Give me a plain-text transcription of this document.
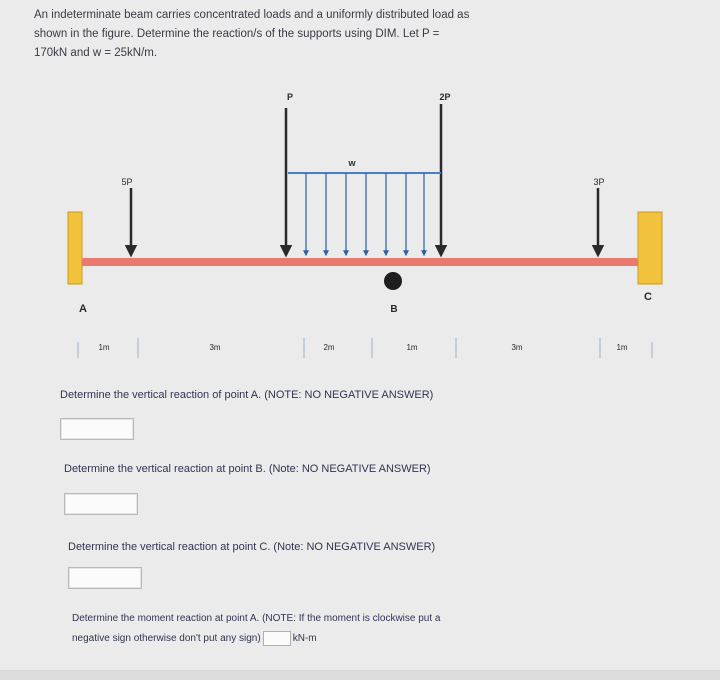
An indeterminate beam carries concentrated loads and a uniformly distributed load as
shown in the figure. Determine the reaction/s of the supports using DIM. Let P =
170kN and w = 25kN/m.
A
C
B
5P
P	2P
3P
w
1m	3m	2m	1m	3m	1m
Determine the vertical reaction of point A. (NOTE: NO NEGATIVE ANSWER)
Determine the vertical reaction at point B. (Note: NO NEGATIVE ANSWER)
Determine the vertical reaction at point C. (Note: NO NEGATIVE ANSWER)
Determine the moment reaction at point A. (NOTE: If the moment is clockwise put a
negative sign otherwise don't put any sign)	kN-m
